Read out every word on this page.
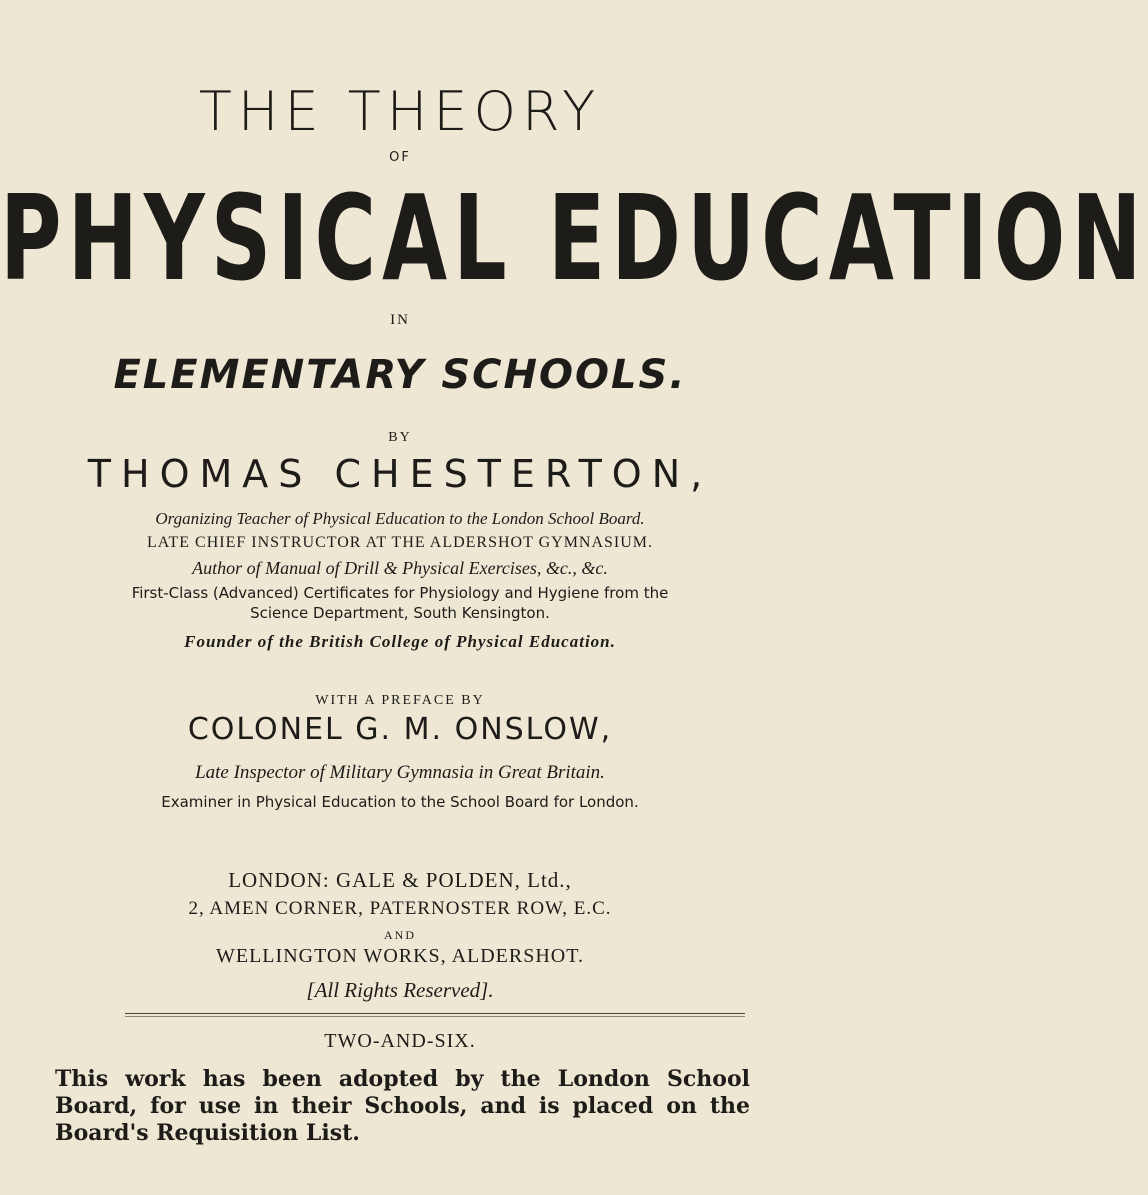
THE THEORY

OF

PHYSICAL EDUCATION

IN

ELEMENTARY SCHOOLS.

BY

THOMAS CHESTERTON,

Organizing Teacher of Physical Education to the London School Board.

LATE CHIEF INSTRUCTOR AT THE ALDERSHOT GYMNASIUM.

Author of Manual of Drill & Physical Exercises, &c., &c.

First-Class (Advanced) Certificates for Physiology and Hygiene from the

Science Department, South Kensington.

Founder of the British College of Physical Education.

WITH A PREFACE BY

COLONEL G. M. ONSLOW,

Late Inspector of Military Gymnasia in Great Britain.

Examiner in Physical Education to the School Board for London.

LONDON: GALE & POLDEN, Ltd.,

2, AMEN CORNER, PATERNOSTER ROW, E.C.

AND

WELLINGTON WORKS, ALDERSHOT.

[All Rights Reserved].

TWO-AND-SIX.

This work has been adopted by the London School Board, for use in their Schools, and is placed on the Board's Requisition List.
